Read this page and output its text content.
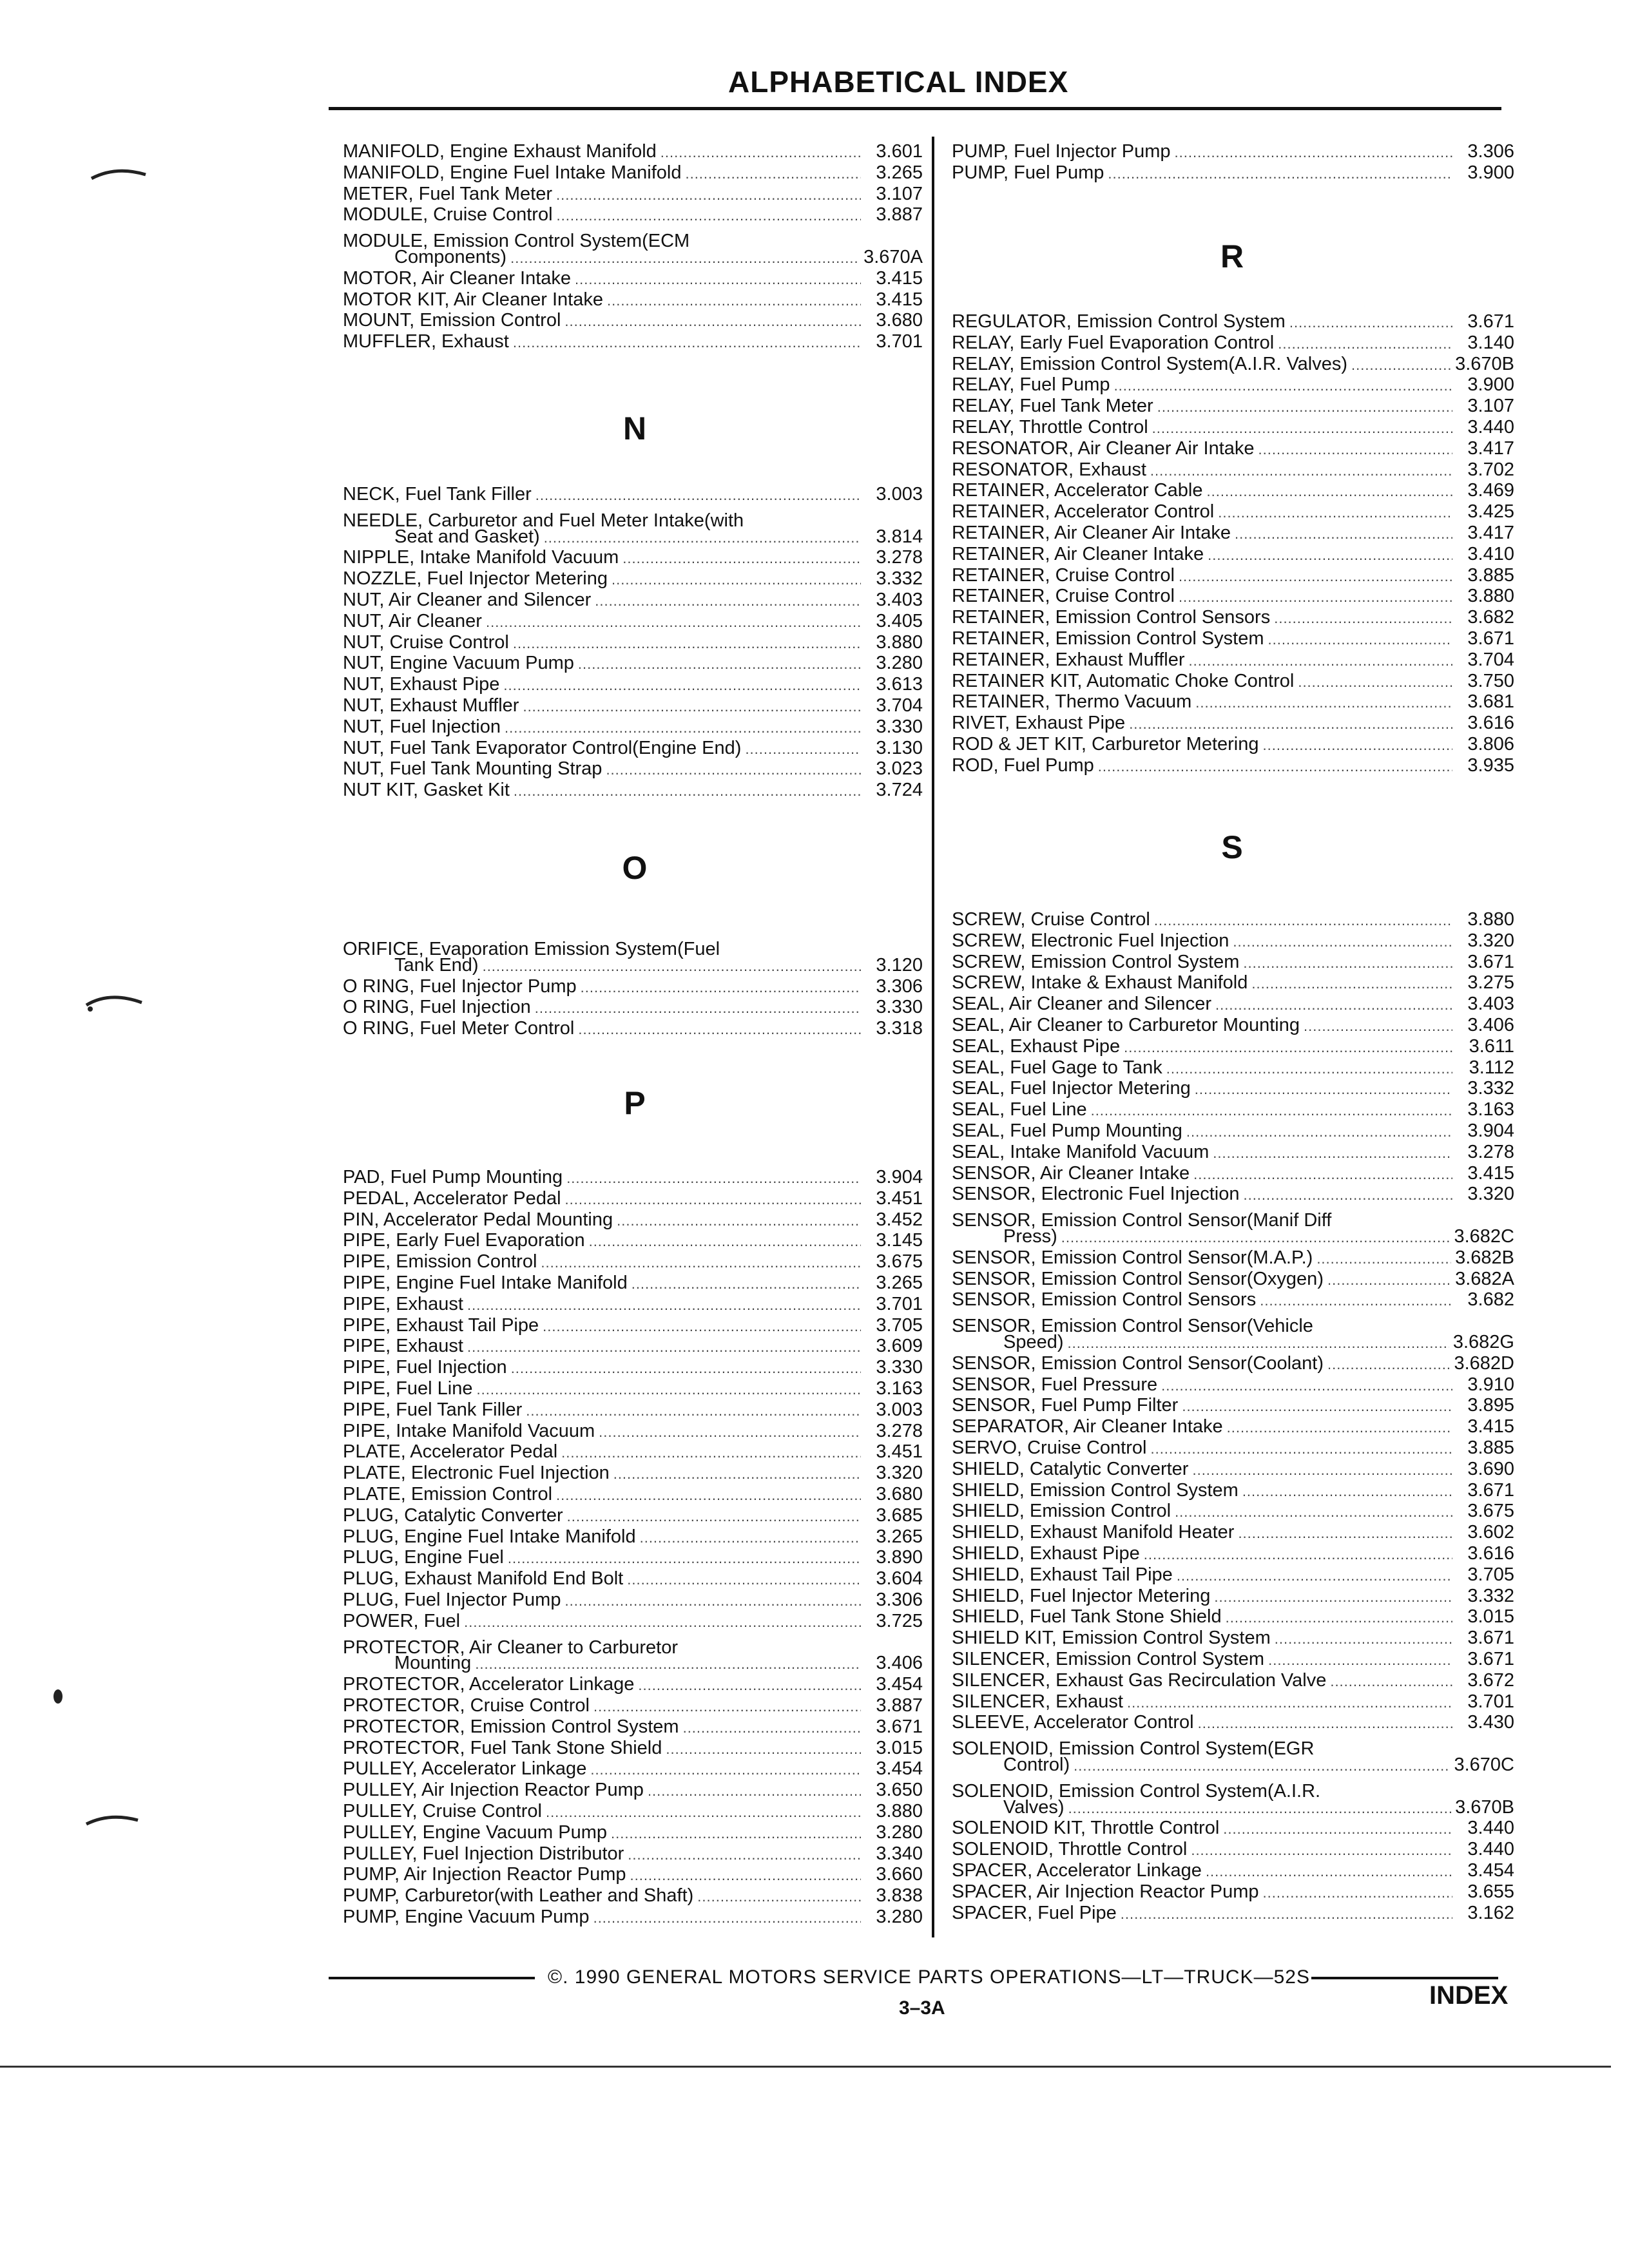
ALPHABETICAL INDEX
MANIFOLD, Engine Exhaust Manifold .....	3.601
MANIFOLD, Engine Fuel Intake Manifold .....	3.265
METER, Fuel Tank Meter .....	3.107
MODULE, Cruise Control .....	3.887
MODULE, Emission Control System(ECM
Components) .....	3.670A
MOTOR, Air Cleaner Intake .....	3.415
MOTOR KIT, Air Cleaner Intake .....	3.415
MOUNT, Emission Control .....	3.680
MUFFLER, Exhaust .....	3.701
NECK, Fuel Tank Filler .....	3.003
NEEDLE, Carburetor and Fuel Meter Intake(with
Seat and Gasket) .....	3.814
NIPPLE, Intake Manifold Vacuum .....	3.278
NOZZLE, Fuel Injector Metering .....	3.332
NUT, Air Cleaner and Silencer .....	3.403
NUT, Air Cleaner .....	3.405
NUT, Cruise Control .....	3.880
NUT, Engine Vacuum Pump .....	3.280
NUT, Exhaust Pipe .....	3.613
NUT, Exhaust Muffler .....	3.704
NUT, Fuel Injection .....	3.330
NUT, Fuel Tank Evaporator Control(Engine End) .....	3.130
NUT, Fuel Tank Mounting Strap .....	3.023
NUT KIT, Gasket Kit .....	3.724
ORIFICE, Evaporation Emission System(Fuel
Tank End) .....	3.120
O RING, Fuel Injector Pump .....	3.306
O RING, Fuel Injection .....	3.330
O RING, Fuel Meter Control .....	3.318
PAD, Fuel Pump Mounting .....	3.904
PEDAL, Accelerator Pedal .....	3.451
PIN, Accelerator Pedal Mounting .....	3.452
PIPE, Early Fuel Evaporation .....	3.145
PIPE, Emission Control .....	3.675
PIPE, Engine Fuel Intake Manifold .....	3.265
PIPE, Exhaust .....	3.701
PIPE, Exhaust Tail Pipe .....	3.705
PIPE, Exhaust .....	3.609
PIPE, Fuel Injection .....	3.330
PIPE, Fuel Line .....	3.163
PIPE, Fuel Tank Filler .....	3.003
PIPE, Intake Manifold Vacuum .....	3.278
PLATE, Accelerator Pedal .....	3.451
PLATE, Electronic Fuel Injection .....	3.320
PLATE, Emission Control .....	3.680
PLUG, Catalytic Converter .....	3.685
PLUG, Engine Fuel Intake Manifold .....	3.265
PLUG, Engine Fuel .....	3.890
PLUG, Exhaust Manifold End Bolt .....	3.604
PLUG, Fuel Injector Pump .....	3.306
POWER, Fuel .....	3.725
PROTECTOR, Air Cleaner to Carburetor
Mounting .....	3.406
PROTECTOR, Accelerator Linkage .....	3.454
PROTECTOR, Cruise Control .....	3.887
PROTECTOR, Emission Control System .....	3.671
PROTECTOR, Fuel Tank Stone Shield .....	3.015
PULLEY, Accelerator Linkage .....	3.454
PULLEY, Air Injection Reactor Pump .....	3.650
PULLEY, Cruise Control .....	3.880
PULLEY, Engine Vacuum Pump .....	3.280
PULLEY, Fuel Injection Distributor .....	3.340
PUMP, Air Injection Reactor Pump .....	3.660
PUMP, Carburetor(with Leather and Shaft) .....	3.838
PUMP, Engine Vacuum Pump .....	3.280
PUMP, Fuel Injector Pump .....	3.306
PUMP, Fuel Pump .....	3.900
REGULATOR, Emission Control System .....	3.671
RELAY, Early Fuel Evaporation Control .....	3.140
RELAY, Emission Control System(A.I.R. Valves) .....	3.670B
RELAY, Fuel Pump .....	3.900
RELAY, Fuel Tank Meter .....	3.107
RELAY, Throttle Control .....	3.440
RESONATOR, Air Cleaner Air Intake .....	3.417
RESONATOR, Exhaust .....	3.702
RETAINER, Accelerator Cable .....	3.469
RETAINER, Accelerator Control .....	3.425
RETAINER, Air Cleaner Air Intake .....	3.417
RETAINER, Air Cleaner Intake .....	3.410
RETAINER, Cruise Control .....	3.885
RETAINER, Cruise Control .....	3.880
RETAINER, Emission Control Sensors .....	3.682
RETAINER, Emission Control System .....	3.671
RETAINER, Exhaust Muffler .....	3.704
RETAINER KIT, Automatic Choke Control .....	3.750
RETAINER, Thermo Vacuum .....	3.681
RIVET, Exhaust Pipe .....	3.616
ROD & JET KIT, Carburetor Metering .....	3.806
ROD, Fuel Pump .....	3.935
SCREW, Cruise Control .....	3.880
SCREW, Electronic Fuel Injection .....	3.320
SCREW, Emission Control System .....	3.671
SCREW, Intake & Exhaust Manifold .....	3.275
SEAL, Air Cleaner and Silencer .....	3.403
SEAL, Air Cleaner to Carburetor Mounting .....	3.406
SEAL, Exhaust Pipe .....	3.611
SEAL, Fuel Gage to Tank .....	3.112
SEAL, Fuel Injector Metering .....	3.332
SEAL, Fuel Line .....	3.163
SEAL, Fuel Pump Mounting .....	3.904
SEAL, Intake Manifold Vacuum .....	3.278
SENSOR, Air Cleaner Intake .....	3.415
SENSOR, Electronic Fuel Injection .....	3.320
SENSOR, Emission Control Sensor(Manif Diff
Press) .....	3.682C
SENSOR, Emission Control Sensor(M.A.P.) .....	3.682B
SENSOR, Emission Control Sensor(Oxygen) .....	3.682A
SENSOR, Emission Control Sensors .....	3.682
SENSOR, Emission Control Sensor(Vehicle
Speed) .....	3.682G
SENSOR, Emission Control Sensor(Coolant) .....	3.682D
SENSOR, Fuel Pressure .....	3.910
SENSOR, Fuel Pump Filter .....	3.895
SEPARATOR, Air Cleaner Intake .....	3.415
SERVO, Cruise Control .....	3.885
SHIELD, Catalytic Converter .....	3.690
SHIELD, Emission Control System .....	3.671
SHIELD, Emission Control .....	3.675
SHIELD, Exhaust Manifold Heater .....	3.602
SHIELD, Exhaust Pipe .....	3.616
SHIELD, Exhaust Tail Pipe .....	3.705
SHIELD, Fuel Injector Metering .....	3.332
SHIELD, Fuel Tank Stone Shield .....	3.015
SHIELD KIT, Emission Control System .....	3.671
SILENCER, Emission Control System .....	3.671
SILENCER, Exhaust Gas Recirculation Valve .....	3.672
SILENCER, Exhaust .....	3.701
SLEEVE, Accelerator Control .....	3.430
SOLENOID, Emission Control System(EGR
Control) .....	3.670C
SOLENOID, Emission Control System(A.I.R.
Valves) .....	3.670B
SOLENOID KIT, Throttle Control .....	3.440
SOLENOID, Throttle Control .....	3.440
SPACER, Accelerator Linkage .....	3.454
SPACER, Air Injection Reactor Pump .....	3.655
SPACER, Fuel Pipe .....	3.162
N
O
P
R
S
©. 1990 GENERAL MOTORS SERVICE PARTS OPERATIONS—LT—TRUCK—52S
3–3A	INDEX
